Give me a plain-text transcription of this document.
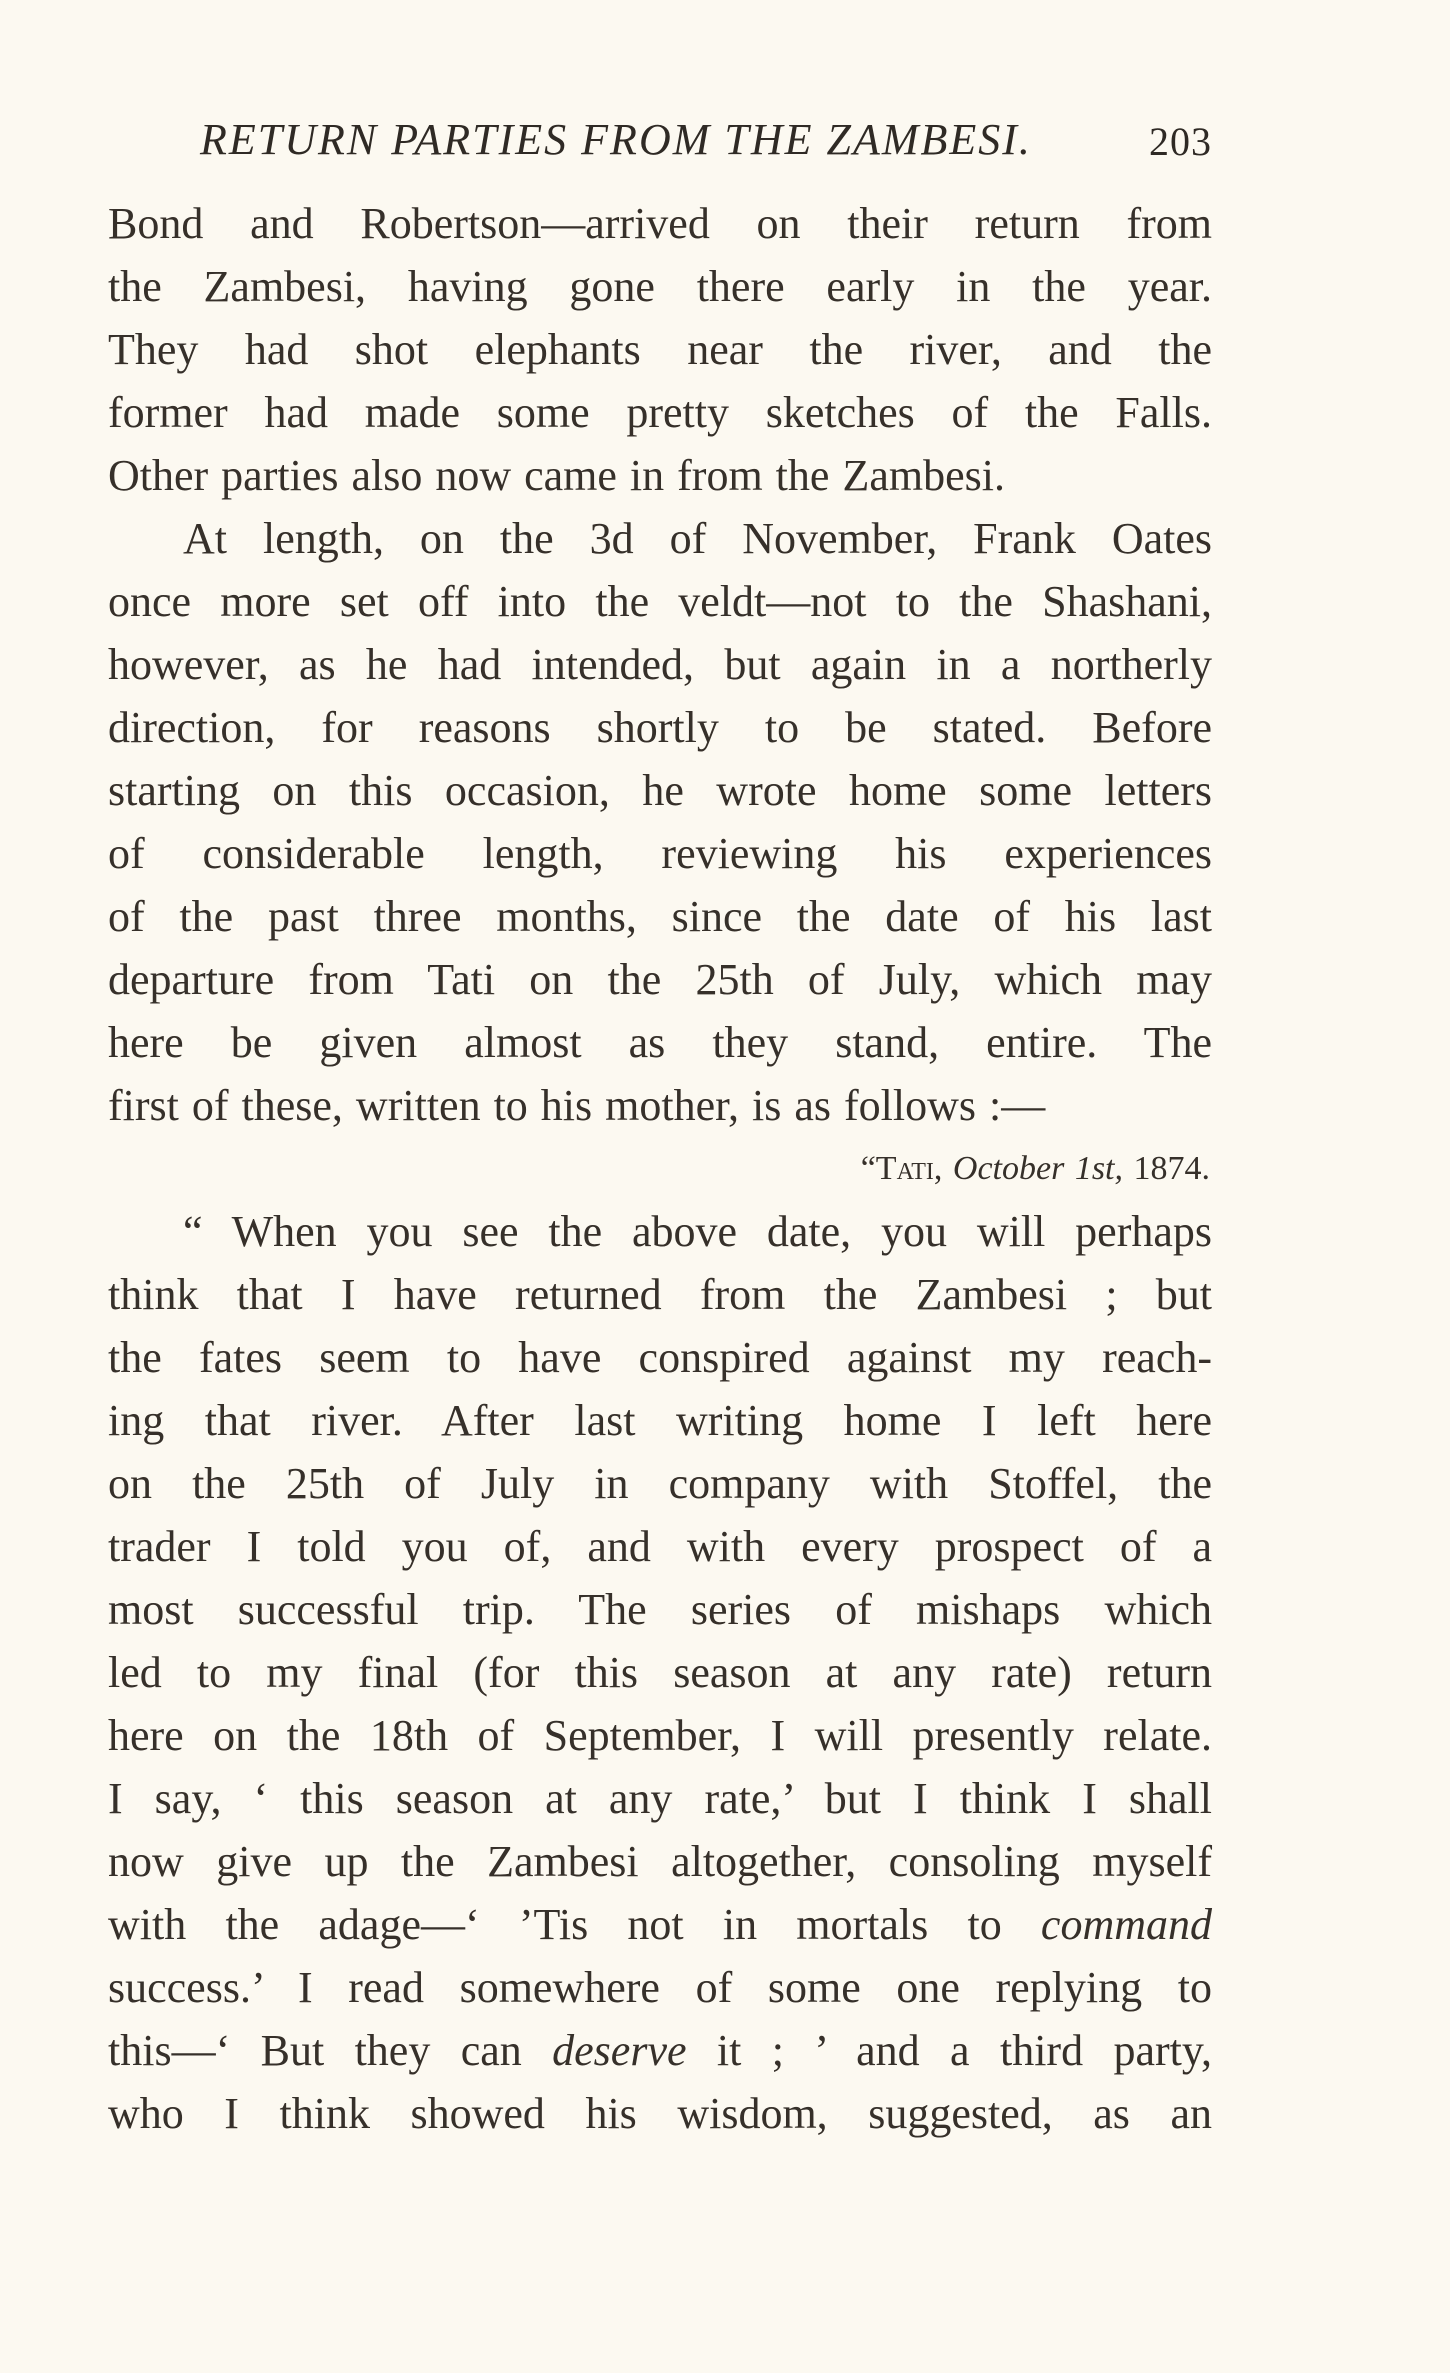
RETURN PARTIES FROM THE ZAMBESI.	203
Bond and Robertson—arrived on their return from
the Zambesi, having gone there early in the year.
They had shot elephants near the river, and the
former had made some pretty sketches of the Falls.
Other parties also now came in from the Zambesi.
At length, on the 3d of November, Frank Oates
once more set off into the veldt—not to the Shashani,
however, as he had intended, but again in a northerly
direction, for reasons shortly to be stated. Before
starting on this occasion, he wrote home some letters
of considerable length, reviewing his experiences
of the past three months, since the date of his last
departure from Tati on the 25th of July, which may
here be given almost as they stand, entire. The
first of these, written to his mother, is as follows :—
“Tati, October 1st, 1874.
“ When you see the above date, you will perhaps
think that I have returned from the Zambesi ; but
the fates seem to have conspired against my reach-
ing that river. After last writing home I left here
on the 25th of July in company with Stoffel, the
trader I told you of, and with every prospect of a
most successful trip. The series of mishaps which
led to my final (for this season at any rate) return
here on the 18th of September, I will presently relate.
I say, ‘ this season at any rate,’ but I think I shall
now give up the Zambesi altogether, consoling myself
with the adage—‘ ’Tis not in mortals to command
success.’ I read somewhere of some one replying to
this—‘ But they can deserve it ; ’ and a third party,
who I think showed his wisdom, suggested, as an
